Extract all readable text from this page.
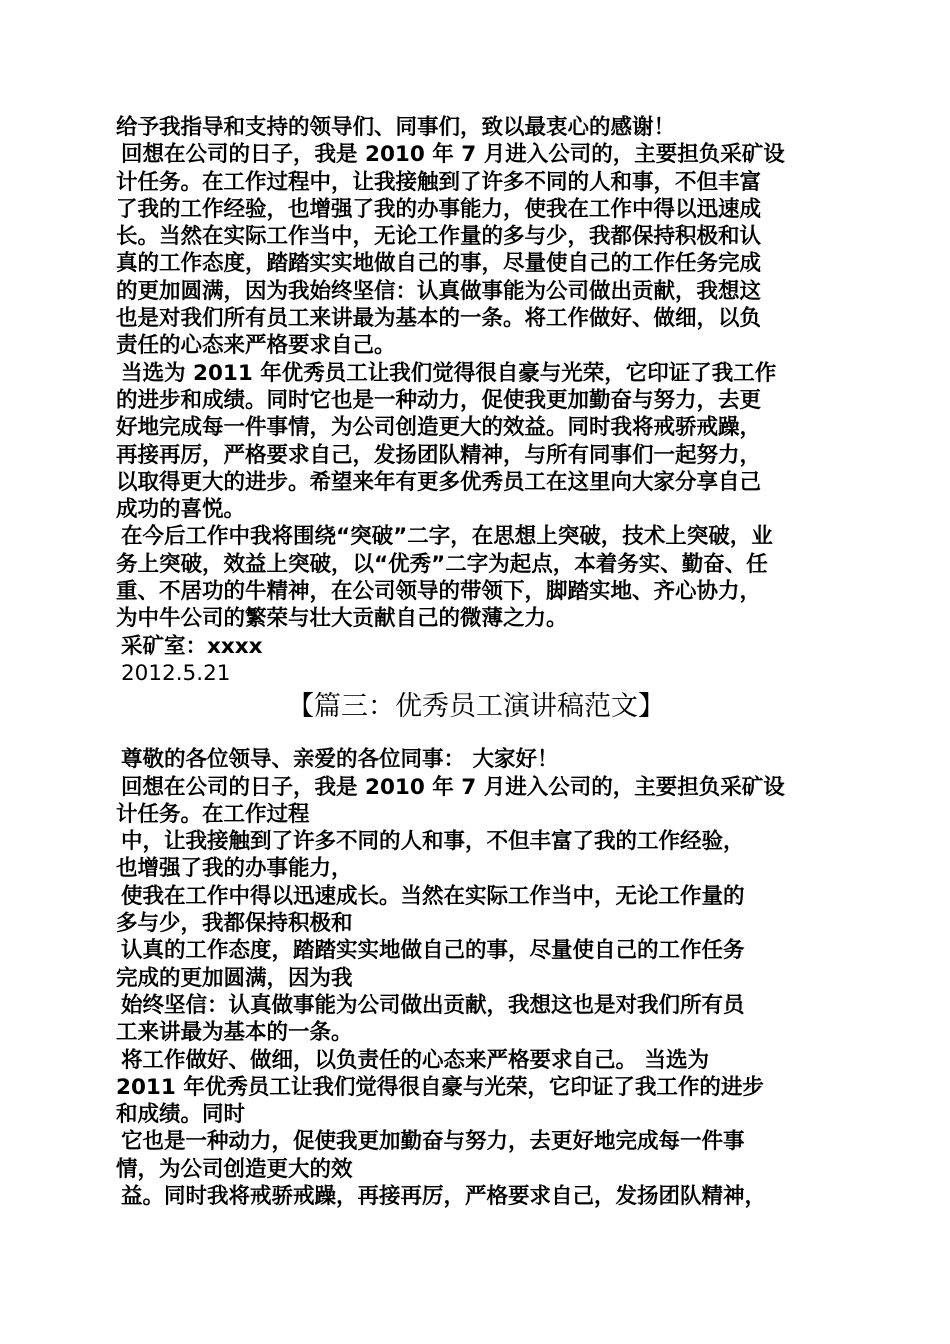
给予我指导和支持的领导们、同事们，致以最衷心的感谢！

回想在公司的日子，我是 2010 年 7 月进入公司的，主要担负采矿设

计任务。在工作过程中，让我接触到了许多不同的人和事，不但丰富

了我的工作经验，也增强了我的办事能力，使我在工作中得以迅速成

长。当然在实际工作当中，无论工作量的多与少，我都保持积极和认

真的工作态度，踏踏实实地做自己的事，尽量使自己的工作任务完成

的更加圆满，因为我始终坚信：认真做事能为公司做出贡献，我想这

也是对我们所有员工来讲最为基本的一条。将工作做好、做细，以负

责任的心态来严格要求自己。

当选为 2011 年优秀员工让我们觉得很自豪与光荣，它印证了我工作

的进步和成绩。同时它也是一种动力，促使我更加勤奋与努力，去更

好地完成每一件事情，为公司创造更大的效益。同时我将戒骄戒躁，

再接再厉，严格要求自己，发扬团队精神，与所有同事们一起努力，

以取得更大的进步。希望来年有更多优秀员工在这里向大家分享自己

成功的喜悦。

在今后工作中我将围绕“突破”二字，在思想上突破，技术上突破，业

务上突破，效益上突破，以“优秀”二字为起点，本着务实、勤奋、任

重、不居功的牛精神，在公司领导的带领下，脚踏实地、齐心协力，

为中牛公司的繁荣与壮大贡献自己的微薄之力。

采矿室：xxxx

2012.5.21

【篇三：优秀员工演讲稿范文】

尊敬的各位领导、亲爱的各位同事： 大家好！

回想在公司的日子，我是 2010 年 7 月进入公司的，主要担负采矿设

计任务。在工作过程

中，让我接触到了许多不同的人和事，不但丰富了我的工作经验，

也增强了我的办事能力，

使我在工作中得以迅速成长。当然在实际工作当中，无论工作量的

多与少，我都保持积极和

认真的工作态度，踏踏实实地做自己的事，尽量使自己的工作任务

完成的更加圆满，因为我

始终坚信：认真做事能为公司做出贡献，我想这也是对我们所有员

工来讲最为基本的一条。

将工作做好、做细，以负责任的心态来严格要求自己。 当选为

2011 年优秀员工让我们觉得很自豪与光荣，它印证了我工作的进步

和成绩。同时

它也是一种动力，促使我更加勤奋与努力，去更好地完成每一件事

情，为公司创造更大的效

益。同时我将戒骄戒躁，再接再厉，严格要求自己，发扬团队精神，
